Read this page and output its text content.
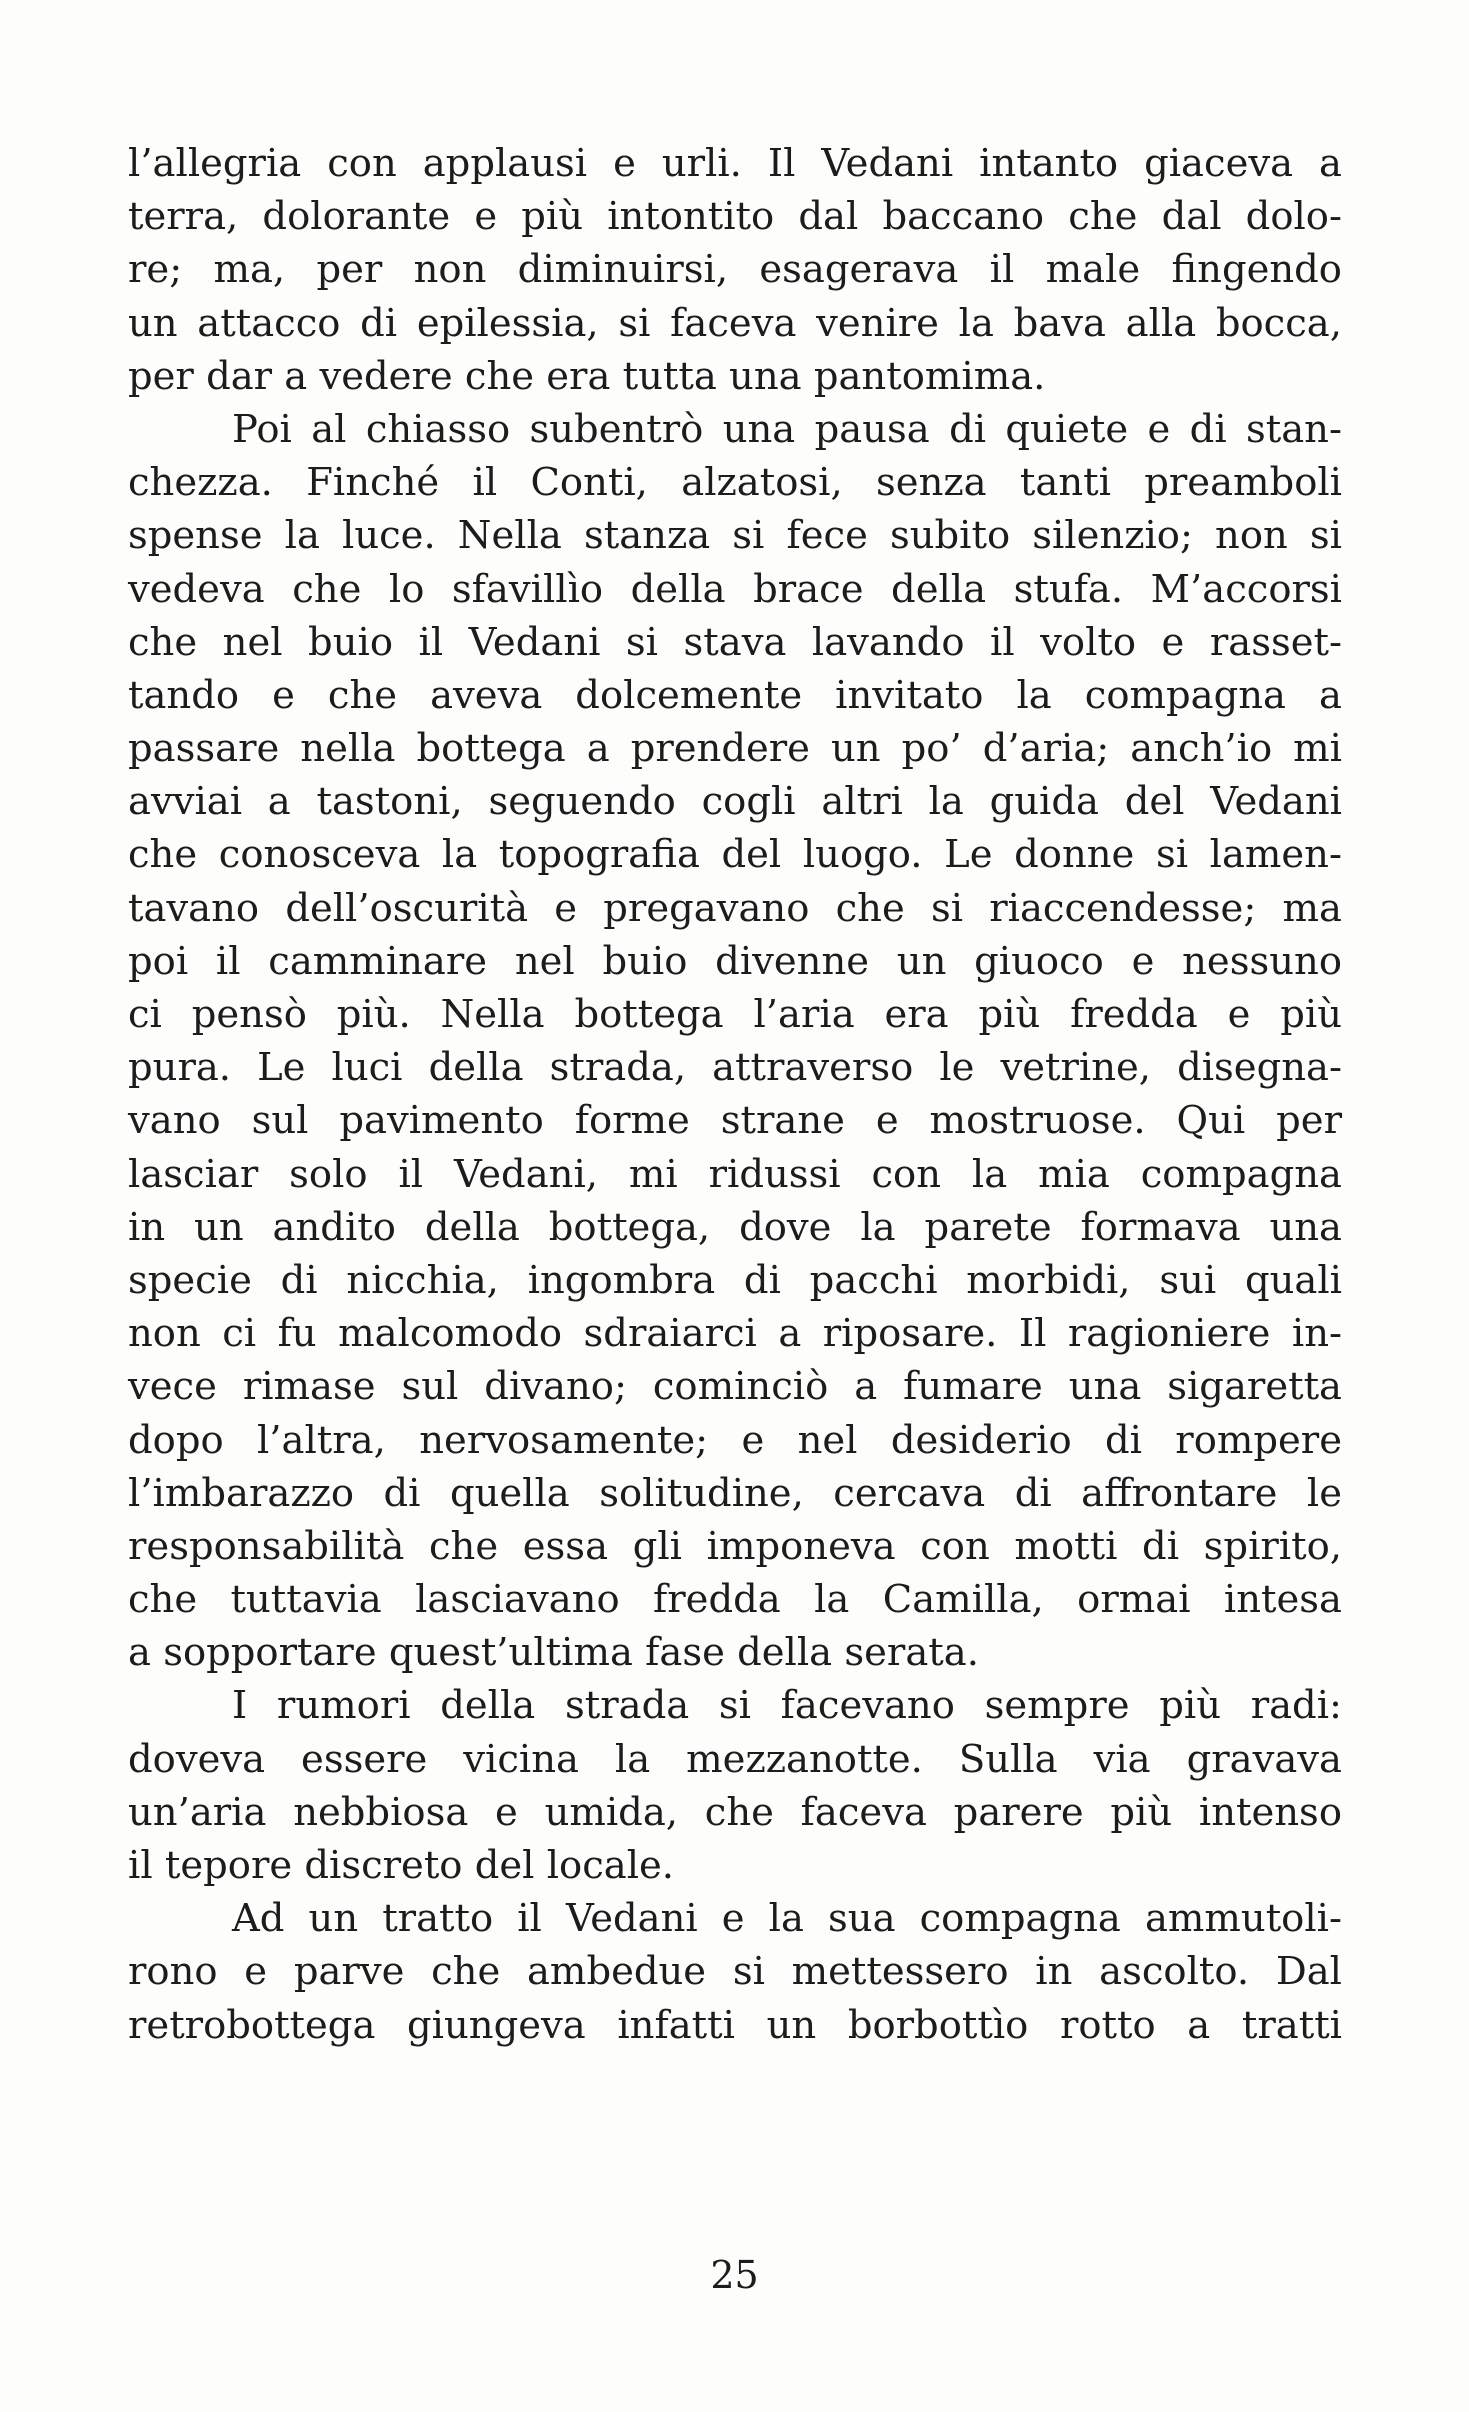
l’allegria con applausi e urli. Il Vedani intanto giaceva a
terra, dolorante e più intontito dal baccano che dal dolo-
re; ma, per non diminuirsi, esagerava il male fingendo
un attacco di epilessia, si faceva venire la bava alla bocca,
per dar a vedere che era tutta una pantomima.
Poi al chiasso subentrò una pausa di quiete e di stan-
chezza. Finché il Conti, alzatosi, senza tanti preamboli
spense la luce. Nella stanza si fece subito silenzio; non si
vedeva che lo sfavillìo della brace della stufa. M’accorsi
che nel buio il Vedani si stava lavando il volto e rasset-
tando e che aveva dolcemente invitato la compagna a
passare nella bottega a prendere un po’ d’aria; anch’io mi
avviai a tastoni, seguendo cogli altri la guida del Vedani
che conosceva la topografia del luogo. Le donne si lamen-
tavano dell’oscurità e pregavano che si riaccendesse; ma
poi il camminare nel buio divenne un giuoco e nessuno
ci pensò più. Nella bottega l’aria era più fredda e più
pura. Le luci della strada, attraverso le vetrine, disegna-
vano sul pavimento forme strane e mostruose. Qui per
lasciar solo il Vedani, mi ridussi con la mia compagna
in un andito della bottega, dove la parete formava una
specie di nicchia, ingombra di pacchi morbidi, sui quali
non ci fu malcomodo sdraiarci a riposare. Il ragioniere in-
vece rimase sul divano; cominciò a fumare una sigaretta
dopo l’altra, nervosamente; e nel desiderio di rompere
l’imbarazzo di quella solitudine, cercava di affrontare le
responsabilità che essa gli imponeva con motti di spirito,
che tuttavia lasciavano fredda la Camilla, ormai intesa
a sopportare quest’ultima fase della serata.
I rumori della strada si facevano sempre più radi:
doveva essere vicina la mezzanotte. Sulla via gravava
un’aria nebbiosa e umida, che faceva parere più intenso
il tepore discreto del locale.
Ad un tratto il Vedani e la sua compagna ammutoli-
rono e parve che ambedue si mettessero in ascolto. Dal
retrobottega giungeva infatti un borbottìo rotto a tratti
25
